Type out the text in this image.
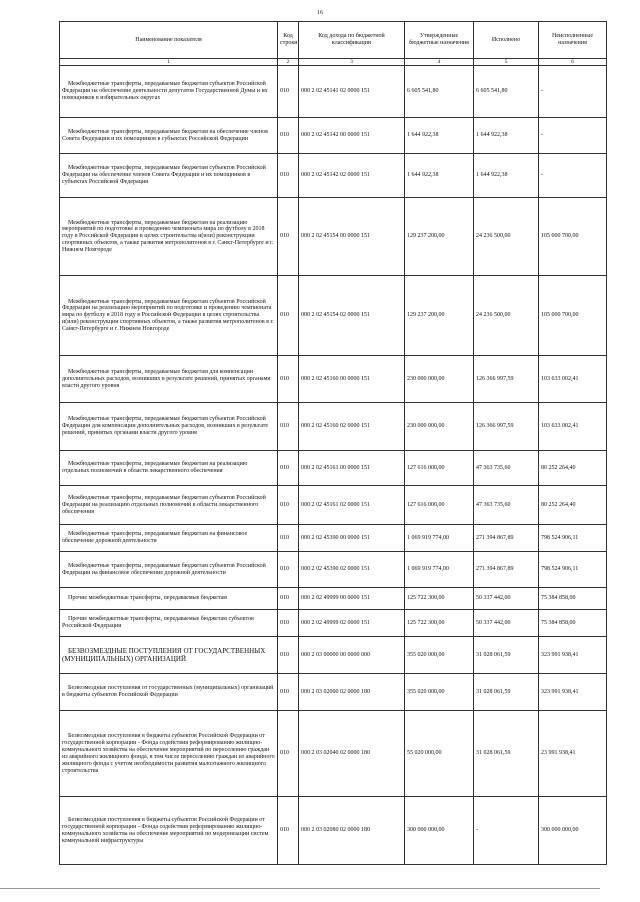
16
Наименование показателя	Код строки	Код дохода по бюджетной классификации	Утвержденные бюджетные назначения	Исполнено	Неисполненные назначения
1	2	3	4	5	6
Межбюджетные трансферты, передаваемые бюджетам субъектов Российской Федерации на обеспечение деятельности депутатов Государственной Думы и их помощников в избирательных округах	010	000 2 02 45141 02 0000 151	6 605 541,80	6 605 541,80	-
Межбюджетные трансферты, передаваемые бюджетам на обеспечение членов Совета Федерации и их помощников в субъектах Российской Федерации	010	000 2 02 45142 00 0000 151	1 644 922,38	1 644 922,38	-
Межбюджетные трансферты, передаваемые бюджетам субъектов Российской Федерации на обеспечение членов Совета Федерации и их помощников в субъектах Российской Федерации	010	000 2 02 45142 02 0000 151	1 644 922,38	1 644 922,38	-
Межбюджетные трансферты, передаваемые бюджетам на реализацию мероприятий по подготовке и проведению чемпионата мира по футболу в 2018 году в Российской Федерации в целях строительства и(или) реконструкции спортивных объектов, а также развития метрополитенов в г. Санкт-Петербурге и г. Нижнем Новгороде	010	000 2 02 45154 00 0000 151	129 237 200,00	24 236 500,00	105 000 700,00
Межбюджетные трансферты, передаваемые бюджетам субъектов Российской Федерации на реализацию мероприятий по подготовке и проведению чемпионата мира по футболу в 2018 году в Российской Федерации в целях строительства и(или) реконструкции спортивных объектов, а также развития метрополитенов в г. Санкт-Петербурге и г. Нижнем Новгороде	010	000 2 02 45154 02 0000 151	129 237 200,00	24 236 500,00	105 000 700,00
Межбюджетные трансферты, передаваемые бюджетам для компенсации дополнительных расходов, возникших в результате решений, принятых органами власти другого уровня	010	000 2 02 45160 00 0000 151	230 000 000,00	126 366 997,59	103 633 002,41
Межбюджетные трансферты, передаваемые бюджетам субъектов Российской Федерации для компенсации дополнительных расходов, возникших в результате решений, принятых органами власти другого уровня	010	000 2 02 45160 02 0000 151	230 000 000,00	126 366 997,59	103 633 002,41
Межбюджетные трансферты, передаваемые бюджетам на реализацию отдельных полномочий в области лекарственного обеспечения	010	000 2 02 45161 00 0000 151	127 616 000,00	47 363 735,60	80 252 264,40
Межбюджетные трансферты, передаваемые бюджетам субъектов Российской Федерации на реализацию отдельных полномочий в области лекарственного обеспечения	010	000 2 02 45161 02 0000 151	127 616 000,00	47 363 735,60	80 252 264,40
Межбюджетные трансферты, передаваемые бюджетам на финансовое обеспечение дорожной деятельности	010	000 2 02 45390 00 0000 151	1 069 919 774,00	271 394 867,89	798 524 906,11
Межбюджетные трансферты, передаваемые бюджетам субъектов Российской Федерации на финансовое обеспечение дорожной деятельности	010	000 2 02 45390 02 0000 151	1 069 919 774,00	271 394 867,89	798 524 906,11
Прочие межбюджетные трансферты, передаваемые бюджетам	010	000 2 02 49999 00 0000 151	125 722 300,00	50 337 442,00	75 384 858,00
Прочие межбюджетные трансферты, передаваемые бюджетам субъектов Российской Федерации	010	000 2 02 49999 02 0000 151	125 722 300,00	50 337 442,00	75 384 858,00
БЕЗВОЗМЕЗДНЫЕ ПОСТУПЛЕНИЯ ОТ ГОСУДАРСТВЕННЫХ (МУНИЦИПАЛЬНЫХ) ОРГАНИЗАЦИЙ	010	000 2 03 00000 00 0000 000	355 020 000,00	31 028 061,59	323 991 938,41
Безвозмездные поступления от государственных (муниципальных) организаций в бюджеты субъектов Российской Федерации	010	000 2 03 02000 02 0000 180	355 020 000,00	31 028 061,59	323 991 938,41
Безвозмездные поступления в бюджеты субъектов Российской Федерации от государственной корпорации - Фонда содействия реформированию жилищно-коммунального хозяйства на обеспечение мероприятий по переселению граждан из аварийного жилищного фонда, в том числе переселению граждан из аварийного жилищного фонда с учетом необходимости развития малоэтажного жилищного строительства	010	000 2 03 02040 02 0000 180	55 020 000,00	31 028 061,59	23 991 938,41
Безвозмездные поступления в бюджеты субъектов Российской Федерации от государственной корпорации - Фонда содействия реформированию жилищно-коммунального хозяйства на обеспечение мероприятий по модернизации систем коммунальной инфраструктуры	010	000 2 03 02080 02 0000 180	300 000 000,00	-	300 000 000,00
